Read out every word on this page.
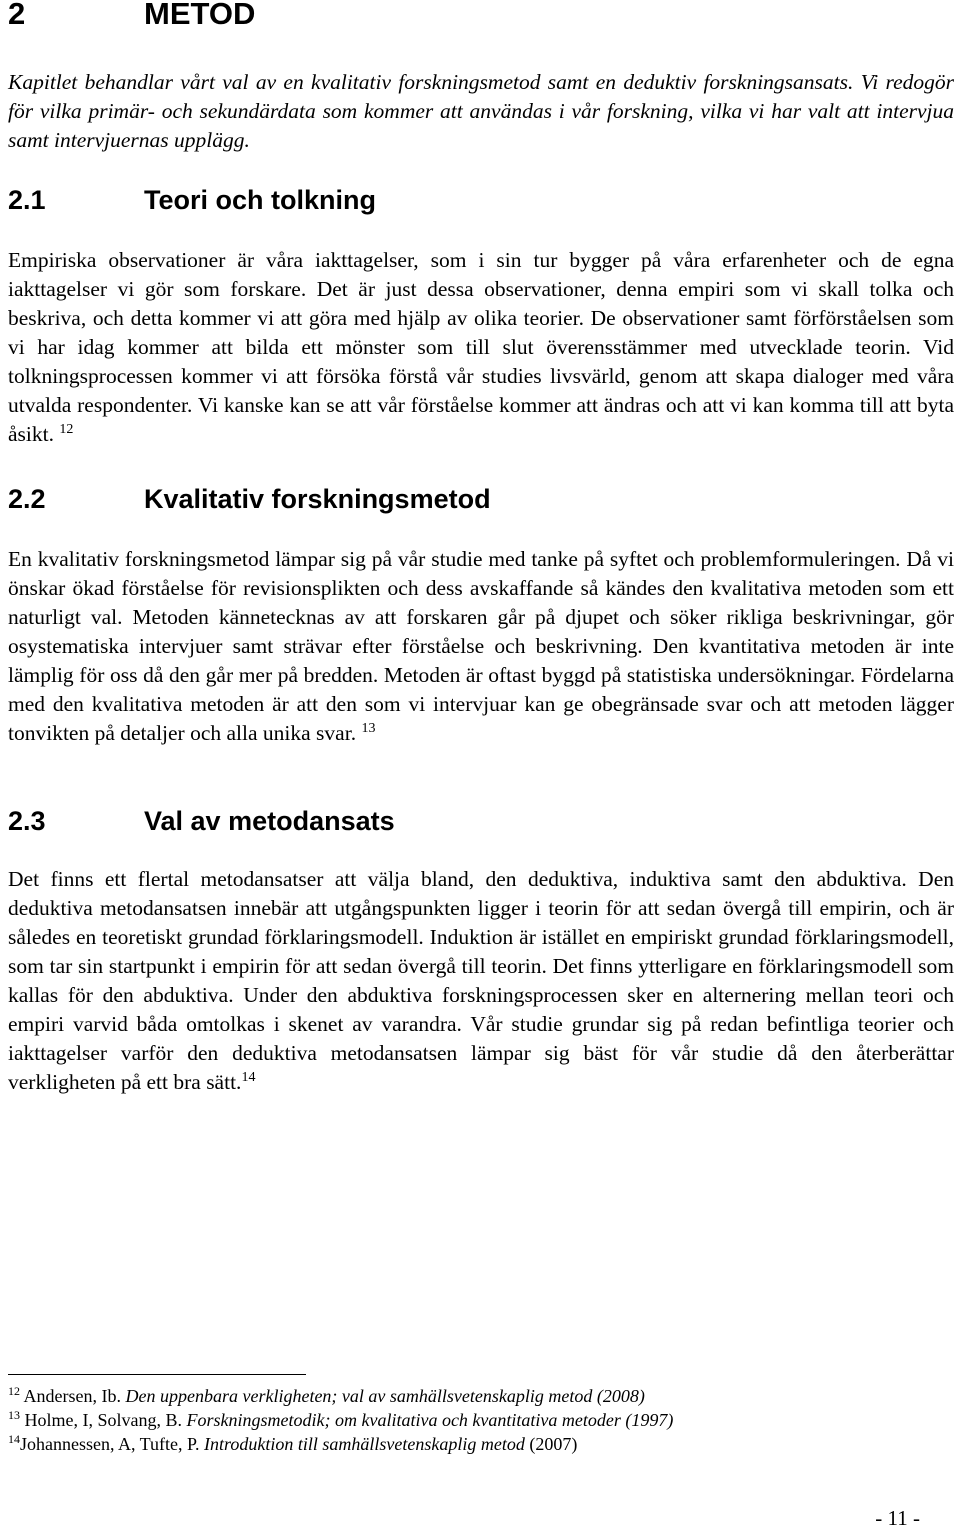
2	METOD

Kapitlet behandlar vårt val av en kvalitativ forskningsmetod samt en deduktiv forskningsansats. Vi redogör för vilka primär- och sekundärdata som kommer att användas i vår forskning, vilka vi har valt att intervjua samt intervjuernas upplägg.

2.1	Teori och tolkning

Empiriska observationer är våra iakttagelser, som i sin tur bygger på våra erfarenheter och de egna iakttagelser vi gör som forskare. Det är just dessa observationer, denna empiri som vi skall tolka och beskriva, och detta kommer vi att göra med hjälp av olika teorier. De observationer samt förförståelsen som vi har idag kommer att bilda ett mönster som till slut överensstämmer med utvecklade teorin. Vid tolkningsprocessen kommer vi att försöka förstå vår studies livsvärld, genom att skapa dialoger med våra utvalda respondenter. Vi kanske kan se att vår förståelse kommer att ändras och att vi kan komma till att byta åsikt. $^{12}$

2.2	Kvalitativ forskningsmetod

En kvalitativ forskningsmetod lämpar sig på vår studie med tanke på syftet och problemformuleringen. Då vi önskar ökad förståelse för revisionsplikten och dess avskaffande så kändes den kvalitativa metoden som ett naturligt val. Metoden kännetecknas av att forskaren går på djupet och söker rikliga beskrivningar, gör osystematiska intervjuer samt strävar efter förståelse och beskrivning. Den kvantitativa metoden är inte lämplig för oss då den går mer på bredden. Metoden är oftast byggd på statistiska undersökningar. Fördelarna med den kvalitativa metoden är att den som vi intervjuar kan ge obegränsade svar och att metoden lägger tonvikten på detaljer och alla unika svar. $^{13}$

2.3	Val av metodansats

Det finns ett flertal metodansatser att välja bland, den deduktiva, induktiva samt den abduktiva. Den deduktiva metodansatsen innebär att utgångspunkten ligger i teorin för att sedan övergå till empirin, och är således en teoretiskt grundad förklaringsmodell. Induktion är istället en empiriskt grundad förklaringsmodell, som tar sin startpunkt i empirin för att sedan övergå till teorin. Det finns ytterligare en förklaringsmodell som kallas för den abduktiva. Under den abduktiva forskningsprocessen sker en alternering mellan teori och empiri varvid båda omtolkas i skenet av varandra. Vår studie grundar sig på redan befintliga teorier och iakttagelser varför den deduktiva metodansatsen lämpar sig bäst för vår studie då den återberättar verkligheten på ett bra sätt.$^{14}$

$^{12}$ Andersen, Ib. Den uppenbara verkligheten; val av samhällsvetenskaplig metod (2008)
$^{13}$ Holme, I, Solvang, B. Forskningsmetodik; om kvalitativa och kvantitativa metoder (1997)
$^{14}$Johannessen, A, Tufte, P. Introduktion till samhällsvetenskaplig metod (2007)

- 11 -
